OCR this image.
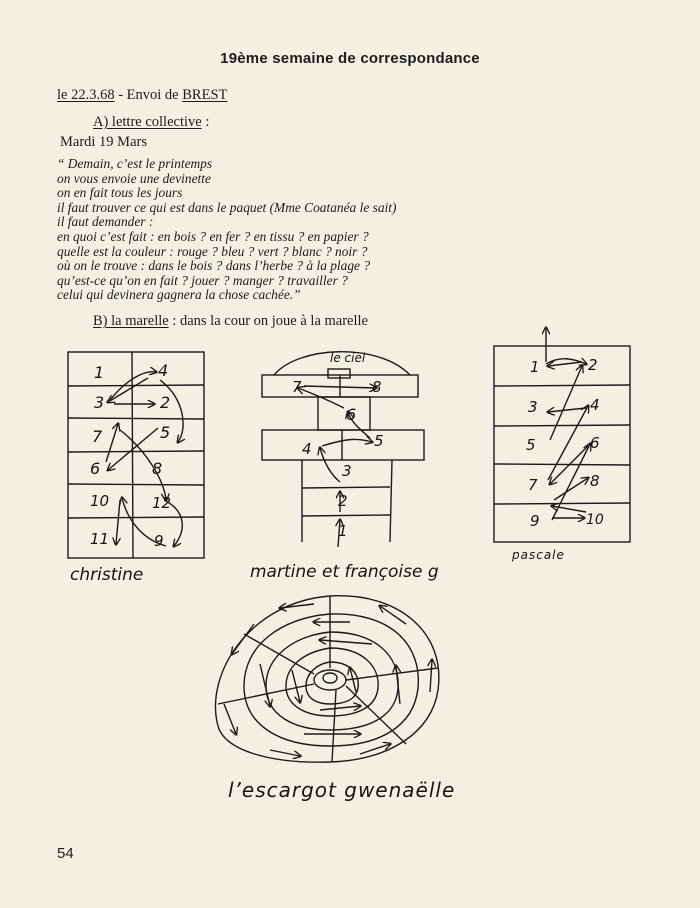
19ème semaine de correspondance
le 22.3.68 - Envoi de BREST
A) lettre collective :
Mardi 19 Mars
“ Demain, c’est le printemps
on vous envoie une devinette
on en fait tous les jours
il faut trouver ce qui est dans le paquet (Mme Coatanéa le sait)
il faut demander :
en quoi c’est fait : en bois ? en fer ? en tissu ? en papier ?
quelle est la couleur : rouge ? bleu ? vert ? blanc ? noir ?
où on le trouve : dans le bois ? dans l’herbe ? à la plage ?
qu’est-ce qu’on en fait ? jouer ? manger ? travailler ?
celui qui devinera gagnera la chose cachée.”
B) la marelle : dans la cour on joue à la marelle
1	4
3	2
7	5
6	8
10	12
11	9
christine
le ciel
7	8
6
4	5
3
2
1
martine et françoise g
1	2
3	4
5	6
7	8
9	10
pascale
l’escargot gwenaëlle
54
